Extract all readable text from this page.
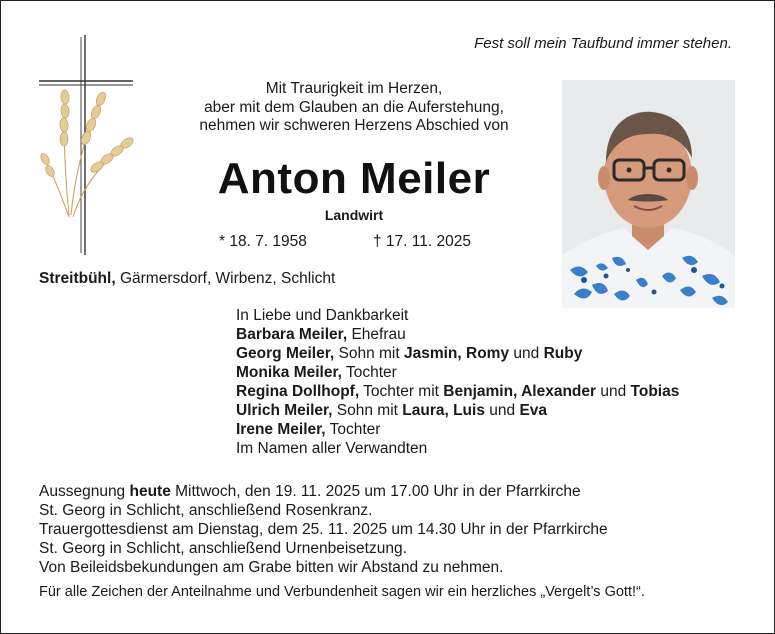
Fest soll mein Taufbund immer stehen.
Mit Traurigkeit im Herzen,
aber mit dem Glauben an die Auferstehung,
nehmen wir schweren Herzens Abschied von
Anton Meiler
Landwirt
* 18. 7. 1958	† 17. 11. 2025
Streitbühl, Gärmersdorf, Wirbenz, Schlicht
In Liebe und Dankbarkeit
Barbara Meiler, Ehefrau
Georg Meiler, Sohn mit Jasmin, Romy und Ruby
Monika Meiler, Tochter
Regina Dollhopf, Tochter mit Benjamin, Alexander und Tobias
Ulrich Meiler, Sohn mit Laura, Luis und Eva
Irene Meiler, Tochter
Im Namen aller Verwandten
Aussegnung heute Mittwoch, den 19. 11. 2025 um 17.00 Uhr in der Pfarrkirche
St. Georg in Schlicht, anschließend Rosenkranz.
Trauergottesdienst am Dienstag, dem 25. 11. 2025 um 14.30 Uhr in der Pfarrkirche
St. Georg in Schlicht, anschließend Urnenbeisetzung.
Von Beileidsbekundungen am Grabe bitten wir Abstand zu nehmen.
Für alle Zeichen der Anteilnahme und Verbundenheit sagen wir ein herzliches „Vergelt’s Gott!“.
